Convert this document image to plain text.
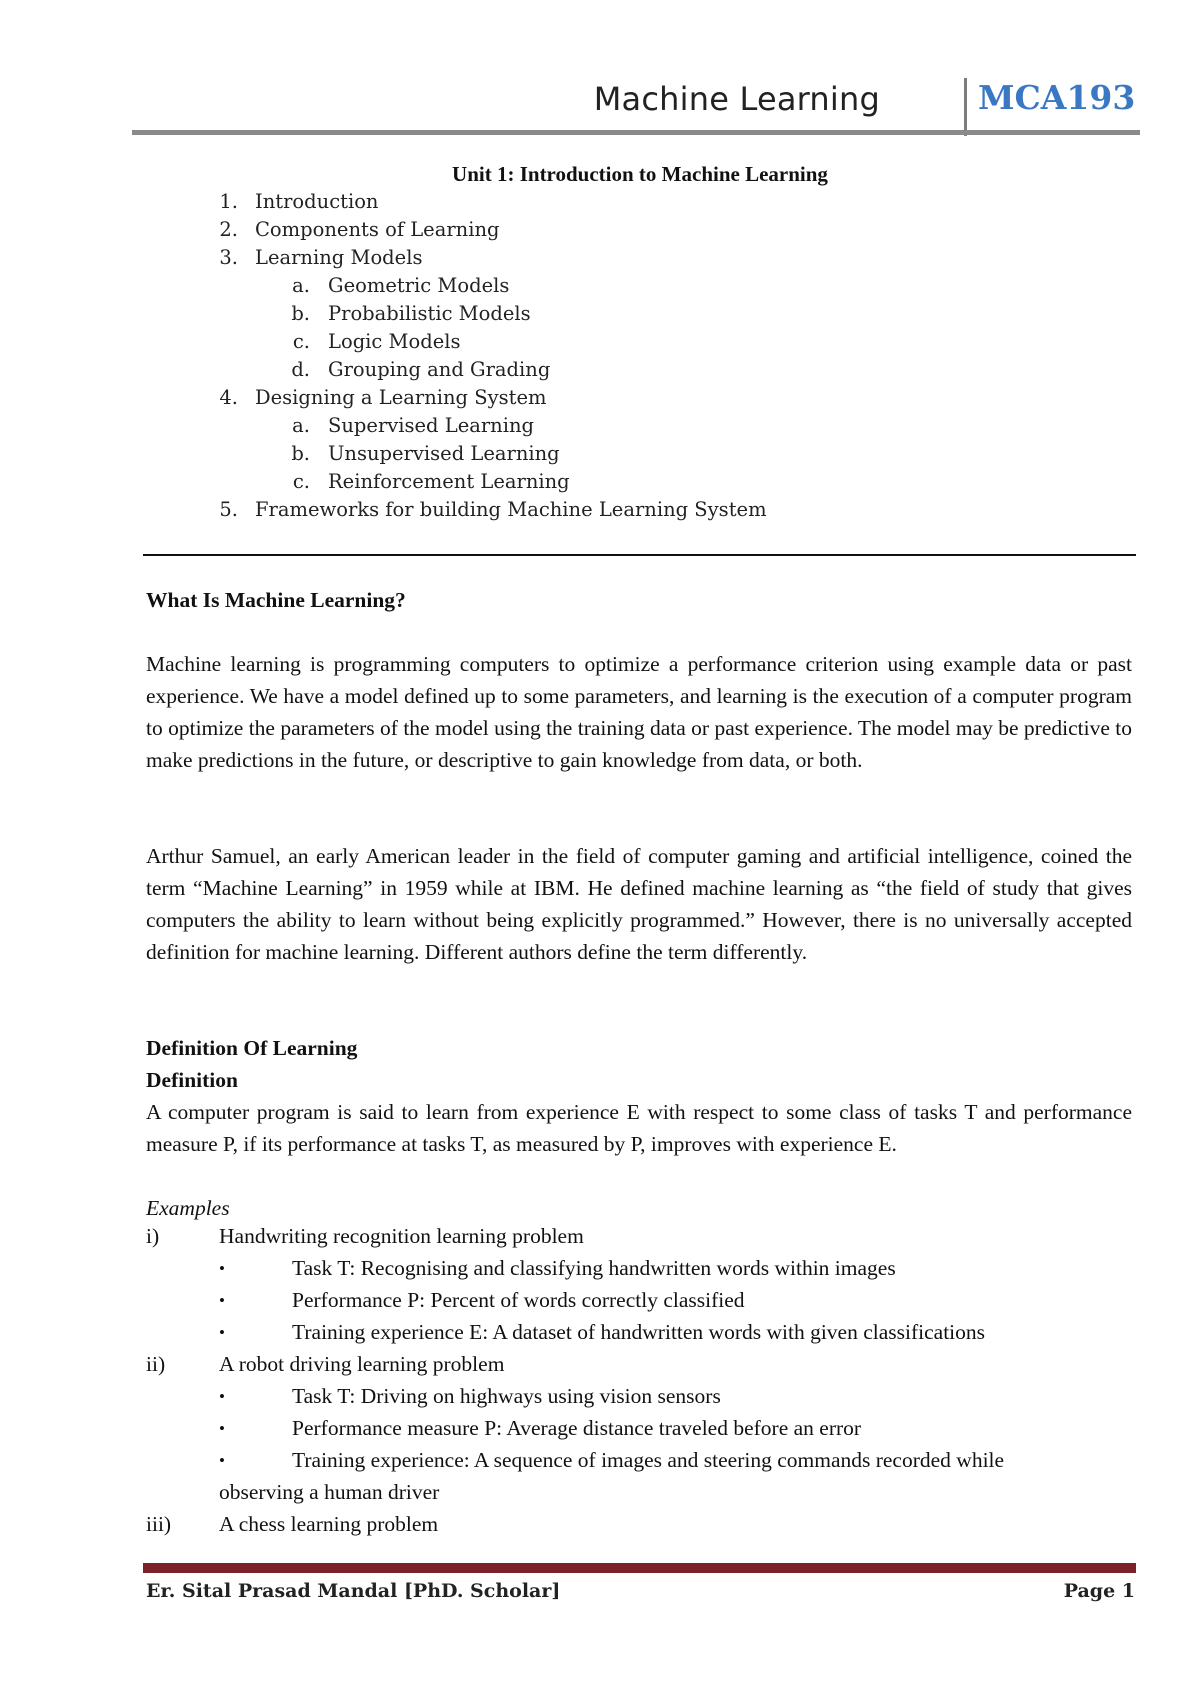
Machine Learning	MCA193
Unit 1: Introduction to Machine Learning
1. Introduction
2. Components of Learning
3. Learning Models
a. Geometric Models
b. Probabilistic Models
c. Logic Models
d. Grouping and Grading
4. Designing a Learning System
a. Supervised Learning
b. Unsupervised Learning
c. Reinforcement Learning
5. Frameworks for building Machine Learning System
What Is Machine Learning?
Machine learning is programming computers to optimize a performance criterion using example data or past experience. We have a model defined up to some parameters, and learning is the execution of a computer program to optimize the parameters of the model using the training data or past experience. The model may be predictive to make predictions in the future, or descriptive to gain knowledge from data, or both.
Arthur Samuel, an early American leader in the field of computer gaming and artificial intelligence, coined the term “Machine Learning” in 1959 while at IBM. He defined machine learning as “the field of study that gives computers the ability to learn without being explicitly programmed.” However, there is no universally accepted definition for machine learning. Different authors define the term differently.
Definition Of Learning
Definition
A computer program is said to learn from experience E with respect to some class of tasks T and performance measure P, if its performance at tasks T, as measured by P, improves with experience E.
Examples
i)	Handwriting recognition learning problem
•	Task T: Recognising and classifying handwritten words within images
•	Performance P: Percent of words correctly classified
•	Training experience E: A dataset of handwritten words with given classifications
ii)	A robot driving learning problem
•	Task T: Driving on highways using vision sensors
•	Performance measure P: Average distance traveled before an error
•	Training experience: A sequence of images and steering commands recorded while
observing a human driver
iii) A chess learning problem
Er. Sital Prasad Mandal [PhD. Scholar]	Page 1
